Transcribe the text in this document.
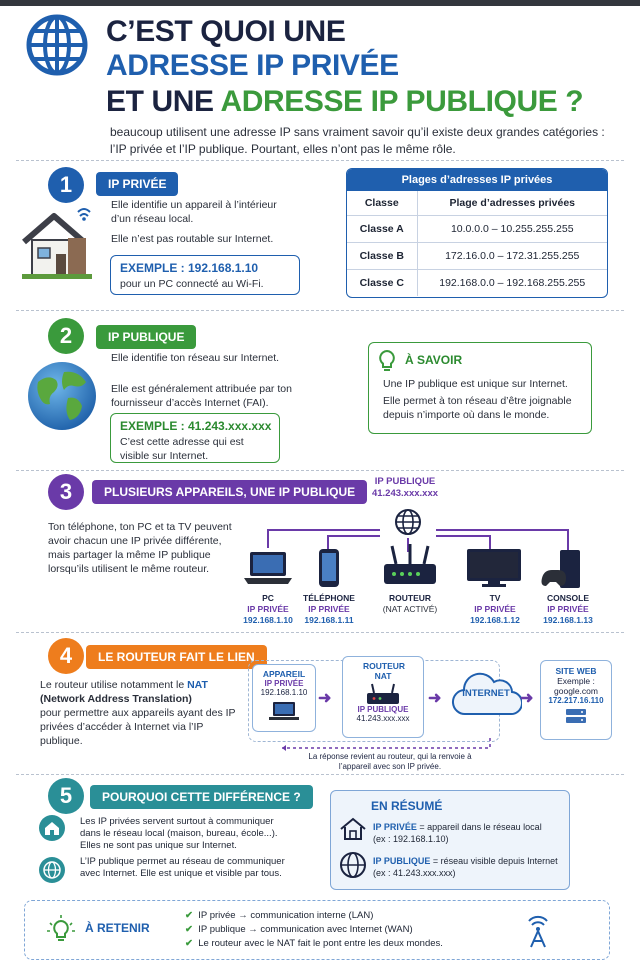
C’EST QUOI UNE
ADRESSE IP PRIVÉE
ET UNE ADRESSE IP PUBLIQUE ?
beaucoup utilisent une adresse IP sans vraiment savoir qu’il existe deux grandes catégories : l’IP privée et l’IP publique. Pourtant, elles n’ont pas le même rôle.
1	IP PRIVÉE
Elle identifie un appareil à l’intérieur d’un réseau local.
Elle n’est pas routable sur Internet.
EXEMPLE : 192.168.1.10
pour un PC connecté au Wi-Fi.
Plages d’adresses IP privées
Classe	Plage d’adresses privées
Classe A	10.0.0.0 – 10.255.255.255
Classe B	172.16.0.0 – 172.31.255.255
Classe C	192.168.0.0 – 192.168.255.255
2	IP PUBLIQUE
Elle identifie ton réseau sur Internet.
Elle est généralement attribuée par ton fournisseur d’accès Internet (FAI).
EXEMPLE : 41.243.xxx.xxx
C’est cette adresse qui est visible sur Internet.
À SAVOIR
Une IP publique est unique sur Internet.
Elle permet à ton réseau d’être joignable depuis n’importe où dans le monde.
3	PLUSIEURS APPAREILS, UNE IP PUBLIQUE
Ton téléphone, ton PC et ta TV peuvent avoir chacun une IP privée différente, mais partager la même IP publique lorsqu’ils utilisent le même routeur.
IP PUBLIQUE
41.243.xxx.xxx
PC
IP PRIVÉE
192.168.1.10
TÉLÉPHONE
IP PRIVÉE
192.168.1.11
ROUTEUR
(NAT ACTIVÉ)
TV
IP PRIVÉE
192.168.1.12
CONSOLE
IP PRIVÉE
192.168.1.13
4	LE ROUTEUR FAIT LE LIEN
Le routeur utilise notamment le NAT
(Network Address Translation)
pour permettre aux appareils ayant des IP privées d’accéder à Internet via l’IP publique.
APPAREIL
IP PRIVÉE
192.168.1.10 ➜
ROUTEUR NAT
IP PUBLIQUE
41.243.xxx.xxx
➜	INTERNET ➜
SITE WEB
Exemple :
google.com
172.217.16.110
La réponse revient au routeur, qui la renvoie à l’appareil avec son IP privée.
5	POURQUOI CETTE DIFFÉRENCE ?
Les IP privées servent surtout à communiquer dans le réseau local (maison, bureau, école...). Elles ne sont pas unique sur Internet.
L’IP publique permet au réseau de communiquer avec Internet. Elle est unique et visible par tous.
EN RÉSUMÉ
IP PRIVÉE = appareil dans le réseau local
(ex : 192.168.1.10)
IP PUBLIQUE = réseau visible depuis Internet
(ex : 41.243.xxx.xxx)
À RETENIR
✔ IP privée → communication interne (LAN)
✔ IP publique → communication avec Internet (WAN)
✔ Le routeur avec le NAT fait le pont entre les deux mondes.
